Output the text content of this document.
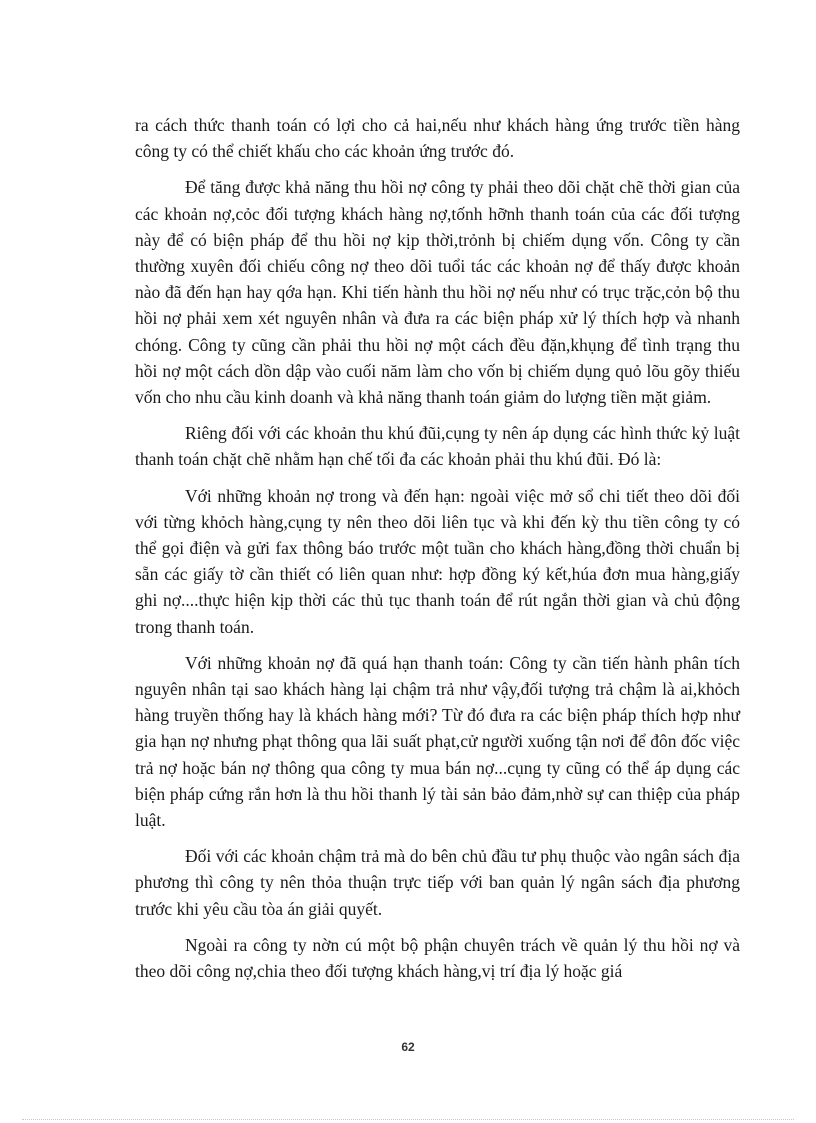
ra cách thức thanh toán có lợi cho cả hai,nếu như khách hàng ứng trước tiền hàng công ty có thể chiết khấu cho các khoản ứng trước đó.

Để tăng được khả năng thu hồi nợ công ty phải theo dõi chặt chẽ thời gian của các khoản nợ,cỏc đối tượng khách hàng nợ,tốnh hỡnh thanh toán của các đối tượng này để có biện pháp để thu hồi nợ kịp thời,trỏnh bị chiếm dụng vốn. Công ty cần thường xuyên đối chiếu công nợ theo dõi tuổi tác các khoản nợ để thấy được khoản nào đã đến hạn hay qớa hạn. Khi tiến hành thu hồi nợ nếu như có trục trặc,cỏn bộ thu hồi nợ phải xem xét nguyên nhân và đưa ra các biện pháp xử lý thích hợp và nhanh chóng. Công ty cũng cần phải thu hồi nợ một cách đều đặn,khụng để tình trạng thu hồi nợ một cách dồn dập vào cuối năm làm cho vốn bị chiếm dụng quỏ lõu gõy thiếu vốn cho nhu cầu kinh doanh và khả năng thanh toán giảm do lượng tiền mặt giảm.

Riêng đối với các khoản thu khú đũi,cụng ty nên áp dụng các hình thức kỷ luật thanh toán chặt chẽ nhằm hạn chế tối đa các khoản phải thu khú đũi. Đó là:

Với những khoản nợ trong và đến hạn: ngoài việc mở sổ chi tiết theo dõi đối với từng khỏch hàng,cụng ty nên theo dõi liên tục và khi đến kỳ thu tiền công ty có thể gọi điện và gửi fax thông báo trước một tuần cho khách hàng,đồng thời chuẩn bị sẵn các giấy tờ cần thiết có liên quan như: hợp đồng ký kết,húa đơn mua hàng,giấy ghi nợ....thực hiện kịp thời các thủ tục thanh toán để rút ngắn thời gian và chủ động trong thanh toán.

Với những khoản nợ đã quá hạn thanh toán: Công ty cần tiến hành phân tích nguyên nhân tại sao khách hàng lại chậm trả như vậy,đối tượng trả chậm là ai,khỏch hàng truyền thống hay là khách hàng mới? Từ đó đưa ra các biện pháp thích hợp như gia hạn nợ nhưng phạt thông qua lãi suất phạt,cử người xuống tận nơi để đôn đốc việc trả nợ hoặc bán nợ thông qua công ty mua bán nợ...cụng ty cũng có thể áp dụng các biện pháp cứng rắn hơn là thu hồi thanh lý tài sản bảo đảm,nhờ sự can thiệp của pháp luật.

Đối với các khoản chậm trả mà do bên chủ đầu tư phụ thuộc vào ngân sách địa phương thì công ty nên thỏa thuận trực tiếp với ban quản lý ngân sách địa phương trước khi yêu cầu tòa án giải quyết.

Ngoài ra công ty nờn cú một bộ phận chuyên trách về quản lý thu hồi nợ và theo dõi công nợ,chia theo đối tượng khách hàng,vị trí địa lý hoặc giá

62
